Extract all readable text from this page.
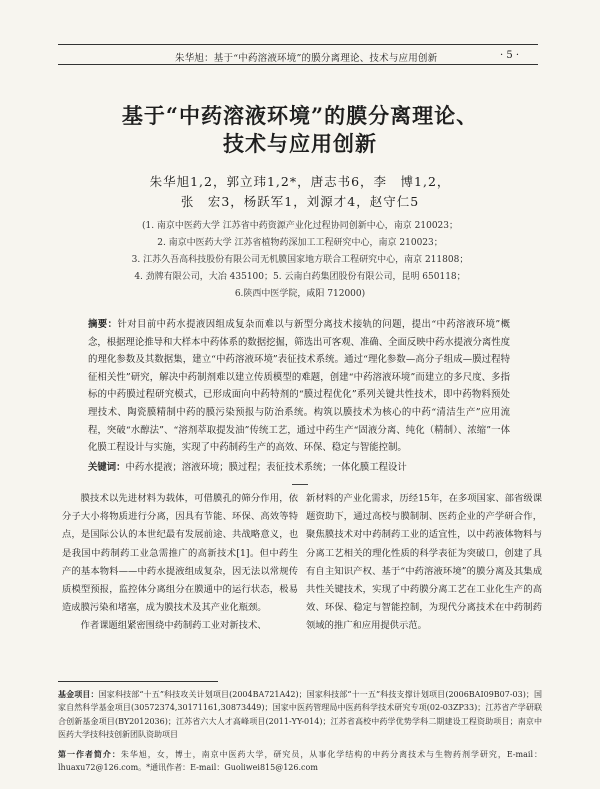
朱华旭：基于“中药溶液环境”的膜分离理论、技术与应用创新	· 5 ·
基于“中药溶液环境”的膜分离理论、
技术与应用创新
朱华旭1,2，郭立玮1,2*，唐志书6，李　博1,2，
张　宏3，杨跃军1，刘源才4，赵守仁5
(1. 南京中医药大学 江苏省中药资源产业化过程协同创新中心，南京 210023；
2. 南京中医药大学 江苏省植物药深加工工程研究中心，南京 210023；
3. 江苏久吾高科技股份有限公司无机膜国家地方联合工程研究中心，南京 211808；
4. 劲牌有限公司，大冶 435100；5. 云南白药集团股份有限公司，昆明 650118；
6.陕西中医学院，咸阳 712000)
摘要：针对目前中药水提液因组成复杂而难以与新型分离技术接轨的问题，提出“中药溶液环境”概念，根据理论推导和大样本中药体系的数据挖掘，筛选出可客观、准确、全面反映中药水提液分离性度的理化参数及其数据集，建立“中药溶液环境”表征技术系统。通过“理化参数—高分子组成—膜过程特征相关性”研究，解决中药制剂难以建立传质模型的难题，创建“中药溶液环境”而建立的多尺度、多指标的中药膜过程研究模式，已形成面向中药特剂的“膜过程优化”系列关键共性技术，即中药物料预处理技术、陶瓷膜精制中药的膜污染预报与防治系统。构筑以膜技术为核心的中药“清洁生产”应用流程，突破“水醇法”、“溶剂萃取提发油”传统工艺，通过中药生产“固液分离、纯化（精制）、浓缩”一体化膜工程设计与实施，实现了中药制药生产的高效、环保、稳定与智能控制。
关键词：中药水提液；溶液环境；膜过程；表征技术系统；一体化膜工程设计

膜技术以先进材料为载体，可借膜孔的筛分作用，依分子大小将物质进行分离，因具有节能、环保、高效等特点，是国际公认的本世纪最有发展前途、共战略意义，也是我国中药制药工业急需推广的高新技术[1]。但中药生产的基本物料——中药水提液组成复杂，因无法以常规传质模型预报，监控体分离组分在膜通中的运行状态，极易造成膜污染和堵塞，成为膜技术及其产业化瓶颈。

作者课题组紧密围绕中药制药工业对新技术、

新材料的产业化需求，历经15年，在多项国家、部省级课题资助下，通过高校与膜制制、医药企业的产学研合作，聚焦膜技术对中药制药工业的适宜性，以中药液体物料与分离工艺相关的理化性质的科学表征为突破口，创建了具有自主知识产权、基于“中药溶液环境”的膜分离及其集成共性关键技术，实现了中药膜分离工艺在工业化生产的高效、环保、稳定与智能控制，为现代分离技术在中药制药领域的推广和应用提供示范。

基金项目：国家科技部“十五”科技攻关计划项目(2004BA721A42)；国家科技部“十一五”科技支撑计划项目(2006BAI09B07-03)；国家自然科学基金项目(30572374,30171161,30873449)；国家中医药管理局中医药科学技术研究专项(02-03ZP33)；江苏省产学研联合创新基金项目(BY2012036)；江苏省六大人才高峰项目(2011-YY-014)；江苏省高校中药学优势学科二期建设工程资助项目；南京中医药大学技科技创新团队资助项目
第一作者简介：朱华旭，女，博士，南京中医药大学，研究员，从事化学结构的中药分离技术与生物药剂学研究，E-mail：lhuaxu72@126.com。*通讯作者：E-mail：Guoliwei815@126.com
